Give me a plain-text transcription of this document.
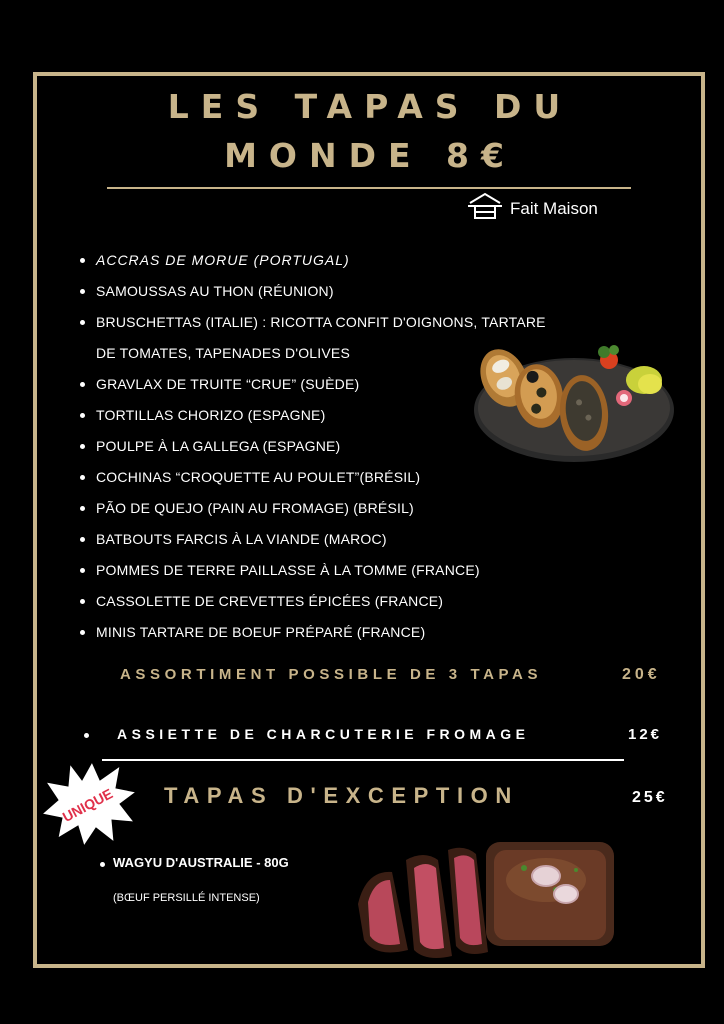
LES TAPAS DU
MONDE 8€
Fait Maison
ACCRAS DE MORUE (PORTUGAL)
SAMOUSSAS AU THON (RÉUNION)
BRUSCHETTAS (ITALIE) : RICOTTA CONFIT D'OIGNONS, TARTARE
DE TOMATES, TAPENADES D'OLIVES
GRAVLAX DE TRUITE “CRUE” (SUÈDE)
TORTILLAS CHORIZO (ESPAGNE)
POULPE À LA GALLEGA (ESPAGNE)
COCHINAS “CROQUETTE AU POULET”(BRÉSIL)
PÃO DE QUEJO (PAIN AU FROMAGE) (BRÉSIL)
BATBOUTS FARCIS À LA VIANDE (MAROC)
POMMES DE TERRE PAILLASSE À LA TOMME (FRANCE)
CASSOLETTE DE CREVETTES ÉPICÉES (FRANCE)
MINIS TARTARE DE BOEUF PRÉPARÉ (FRANCE)
ASSORTIMENT POSSIBLE DE 3 TAPAS	20€
ASSIETTE DE CHARCUTERIE FROMAGE	12€
UNIQUE TAPAS D'EXCEPTION	25€
WAGYU D'AUSTRALIE - 80G
(BŒUF PERSILLÉ INTENSE)
